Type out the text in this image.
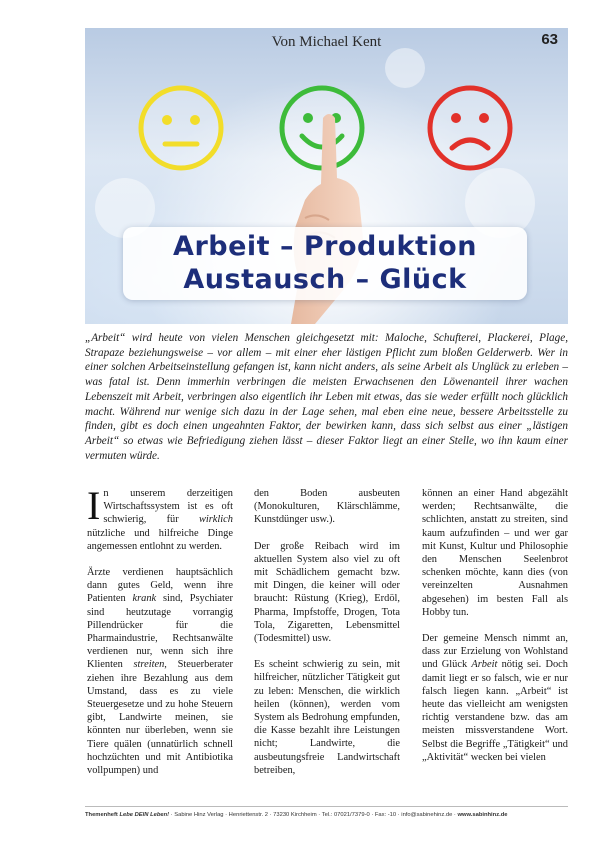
Von Michael Kent	63
Arbeit – Produktion
Austausch – Glück
„Arbeit“ wird heute von vielen Menschen gleichgesetzt mit: Maloche, Schufterei, Plackerei, Plage, Strapaze beziehungsweise – vor allem – mit einer eher lästigen Pflicht zum bloßen Gelderwerb. Wer in einer solchen Arbeitseinstellung gefangen ist, kann nicht anders, als seine Arbeit als Unglück zu erleben – was fatal ist. Denn immerhin verbringen die meisten Erwachsenen den Löwenanteil ihrer wachen Lebenszeit mit Arbeit, verbringen also eigentlich ihr Leben mit etwas, das sie weder erfüllt noch glücklich macht. Während nur wenige sich dazu in der Lage sehen, mal eben eine neue, bessere Arbeitsstelle zu finden, gibt es doch einen ungeahnten Faktor, der bewirken kann, dass sich selbst aus einer „lästigen Arbeit“ so etwas wie Befriedigung ziehen lässt – dieser Faktor liegt an einer Stelle, wo ihn kaum einer vermuten würde.

In unserem derzeitigen Wirtschaftssystem ist es oft schwierig, für wirklich nützliche und hilfreiche Dinge angemessen entlohnt zu werden.

Ärzte verdienen hauptsächlich dann gutes Geld, wenn ihre Patienten krank sind, Psychiater sind heutzutage vorrangig Pillendrücker für die Pharmaindustrie, Rechtsanwälte verdienen nur, wenn sich ihre Klienten streiten, Steuerberater ziehen ihre Bezahlung aus dem Umstand, dass es zu viele Steuergesetze und zu hohe Steuern gibt, Landwirte meinen, sie könnten nur überleben, wenn sie Tiere quälen (unnatürlich schnell hochzüchten und mit Antibiotika vollpumpen) und

den Boden ausbeuten (Monokulturen, Klärschlämme, Kunstdünger usw.).

Der große Reibach wird im aktuellen System also viel zu oft mit Schädlichem gemacht bzw. mit Dingen, die keiner will oder braucht: Rüstung (Krieg), Erdöl, Pharma, Impfstoffe, Drogen, Tota Tola, Zigaretten, Lebensmittel (Todesmittel) usw.

Es scheint schwierig zu sein, mit hilfreicher, nützlicher Tätigkeit gut zu leben: Menschen, die wirklich heilen (können), werden vom System als Bedrohung empfunden, die Kasse bezahlt ihre Leistungen nicht; Landwirte, die ausbeutungsfreie Landwirtschaft betreiben,

können an einer Hand abgezählt werden; Rechtsanwälte, die schlichten, anstatt zu streiten, sind kaum aufzufinden – und wer gar mit Kunst, Kultur und Philosophie den Menschen Seelenbrot schenken möchte, kann dies (von vereinzelten Ausnahmen abgesehen) im besten Fall als Hobby tun.

Der gemeine Mensch nimmt an, dass zur Erzielung von Wohlstand und Glück Arbeit nötig sei. Doch damit liegt er so falsch, wie er nur falsch liegen kann. „Arbeit“ ist heute das vielleicht am wenigsten richtig verstandene bzw. das am meisten missverstandene Wort. Selbst die Begriffe „Tätigkeit“ und „Aktivität“ wecken bei vielen

Themenheft Lebe DEIN Leben! · Sabine Hinz Verlag · Henriettenstr. 2 · 73230 Kirchheim · Tel.: 07021/7379-0 · Fax: -10 · info@sabinehinz.de · www.sabinhinz.de
